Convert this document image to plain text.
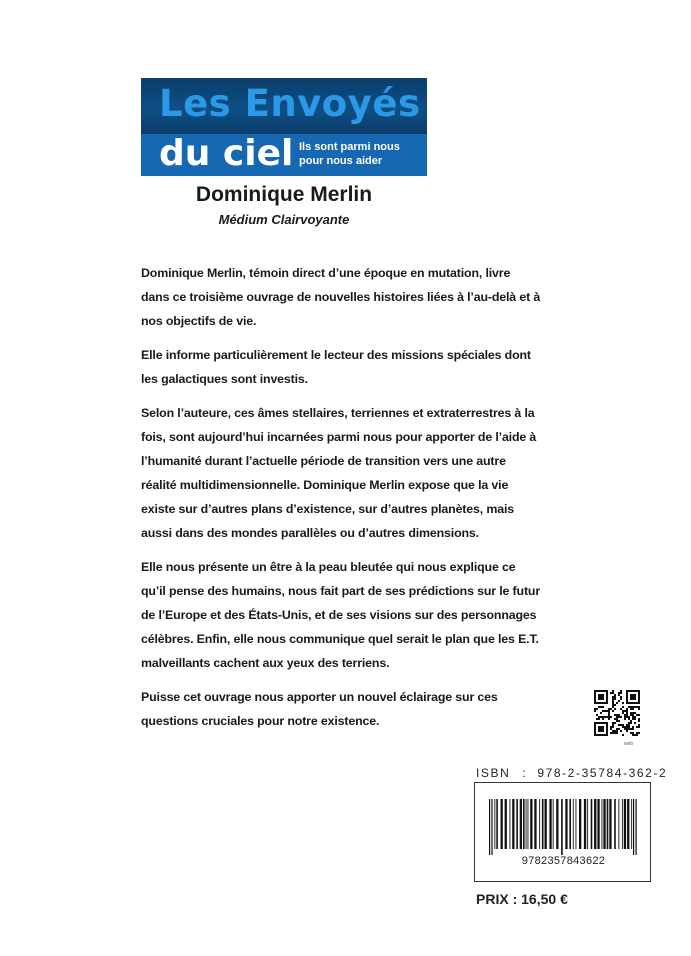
Les Envoyés
du ciel Ils sont parmi nous pour nous aider
Dominique Merlin
Médium Clairvoyante

Dominique Merlin, témoin direct d’une époque en mutation, livre dans ce troisième ouvrage de nouvelles histoires liées à l’au-delà et à nos objectifs de vie.

Elle informe particulièrement le lecteur des missions spéciales dont les galactiques sont investis.

Selon l’auteure, ces âmes stellaires, terriennes et extraterrestres à la fois, sont aujourd’hui incarnées parmi nous pour apporter de l’aide à l’humanité durant l’actuelle période de transition vers une autre réalité multidimensionnelle. Dominique Merlin expose que la vie existe sur d’autres plans d’existence, sur d’autres planètes, mais aussi dans des mondes parallèles ou d’autres dimensions.

Elle nous présente un être à la peau bleutée qui nous explique ce qu’il pense des humains, nous fait part de ses prédictions sur le futur de l’Europe et des États-Unis, et de ses visions sur des personnages célèbres. Enfin, elle nous communique quel serait le plan que les E.T. malveillants cachent aux yeux des terriens.

Puisse cet ouvrage nous apporter un nouvel éclairage sur ces questions cruciales pour notre existence.

web
ISBN : 978-2-35784-362-2
9782357843622
PRIX : 16,50 €
